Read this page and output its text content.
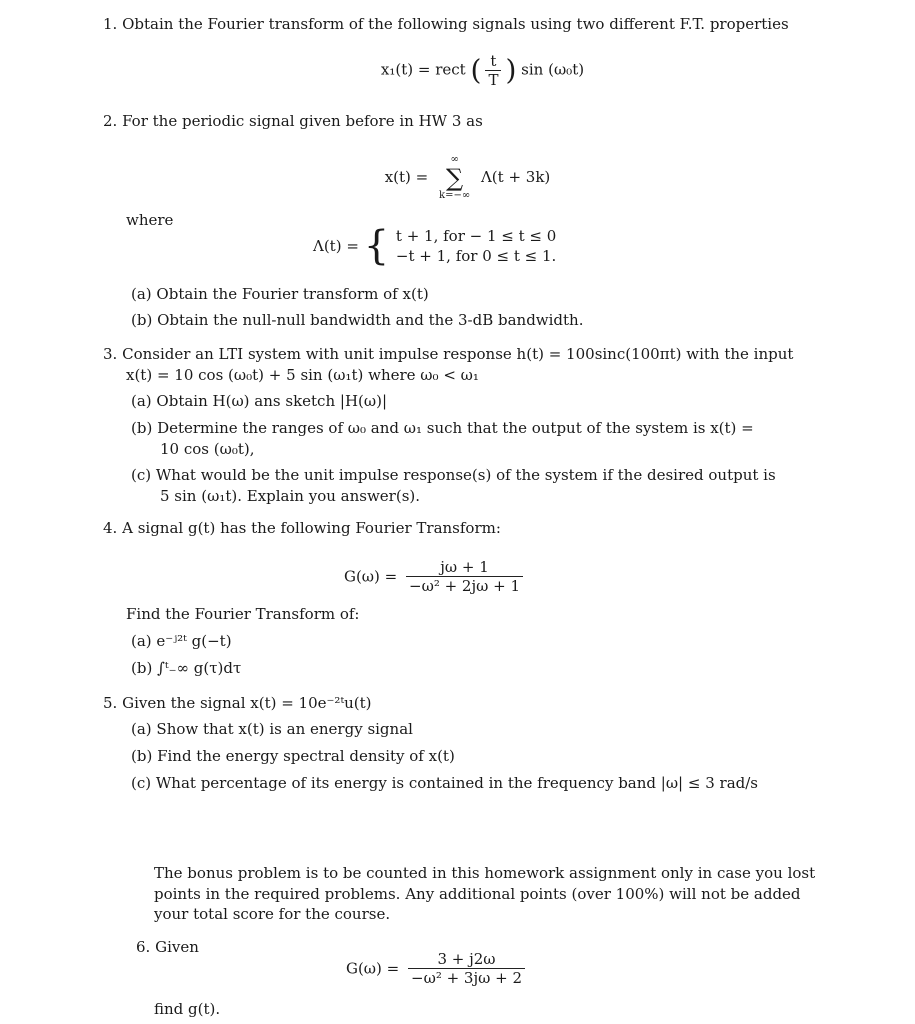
1. Obtain the Fourier transform of the following signals using two different F.T. properties
x₁(t) = rect ( $\frac{t}{T}$ ) sin (ω₀t)
2. For the periodic signal given before in HW 3 as
x(t) =
∞
∑
k=−∞
Λ(t + 3k)
where
Λ(t) = { t + 1, for − 1 ≤ t ≤ 0
−t + 1, for 0 ≤ t ≤ 1.
(a) Obtain the Fourier transform of x(t)
(b) Obtain the null-null bandwidth and the 3-dB bandwidth.
3. Consider an LTI system with unit impulse response h(t) = 100sinc(100πt) with the input
x(t) = 10 cos (ω₀t) + 5 sin (ω₁t) where ω₀ < ω₁
(a) Obtain H(ω) ans sketch |H(ω)|
(b) Determine the ranges of ω₀ and ω₁ such that the output of the system is x(t) =
10 cos (ω₀t),
(c) What would be the unit impulse response(s) of the system if the desired output is
5 sin (ω₁t). Explain you answer(s).
4. A signal g(t) has the following Fourier Transform:
$G(\omega) = \frac{j\omega + 1}{\text{−ω² + 2jω + 1}}$
Find the Fourier Transform of:
(a) e⁻ʲ²ᵗ g(−t)
(b) ∫ᵗ₋∞ g(τ)dτ
5. Given the signal x(t) = 10e⁻²ᵗu(t)
(a) Show that x(t) is an energy signal
(b) Find the energy spectral density of x(t)
(c) What percentage of its energy is contained in the frequency band |ω| ≤ 3 rad/s
The bonus problem is to be counted in this homework assignment only in case you lost
points in the required problems. Any additional points (over 100%) will not be added
your total score for the course.
6. Given
$G(\omega) = \frac{3 + j2\omega}{\text{−ω² + 3jω + 2}}$
find g(t).
